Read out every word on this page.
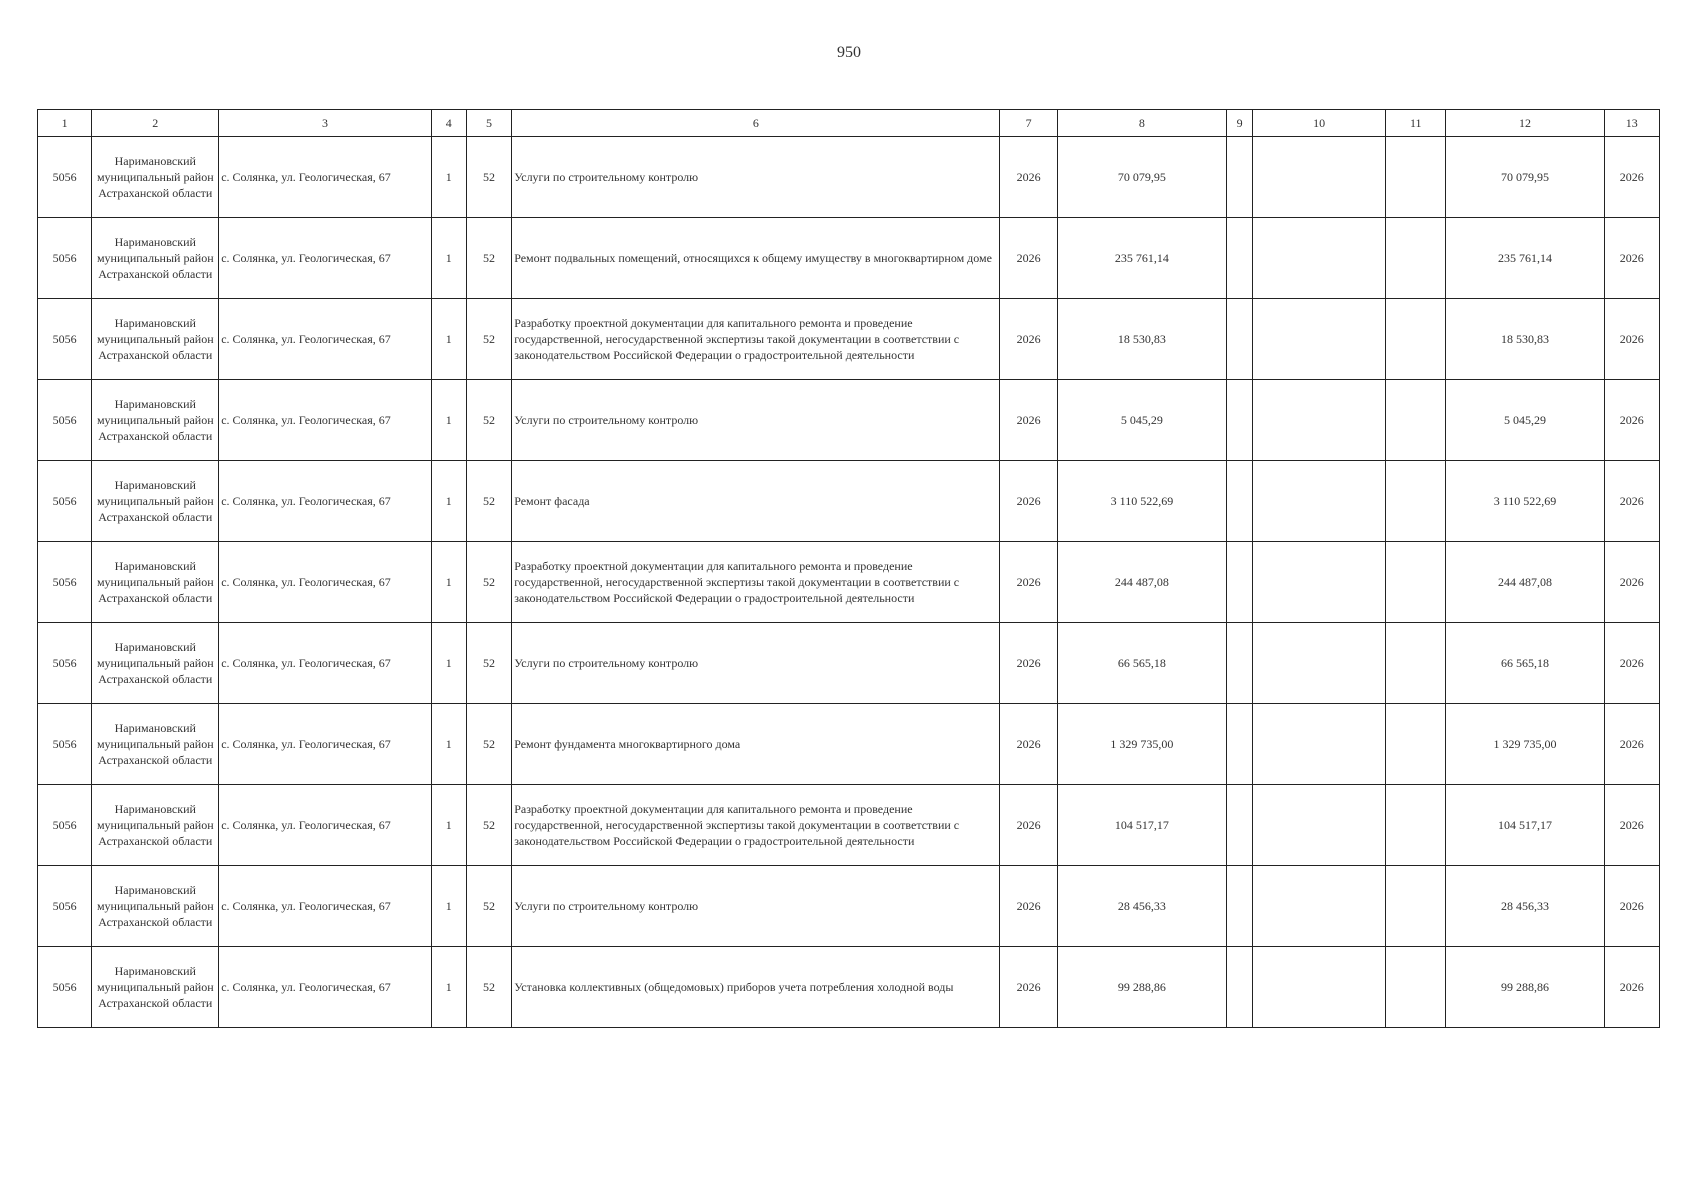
950
1	2	3	4	5	6	7	8	9	10	11	12	13
5056	Наримановский муниципальный район Астраханской области	с. Солянка, ул. Геологическая, 67	1	52	Услуги по строительному контролю	2026	70 079,95				70 079,95	2026
5056	Наримановский муниципальный район Астраханской области	с. Солянка, ул. Геологическая, 67	1	52	Ремонт подвальных помещений, относящихся к общему имуществу в многоквартирном доме	2026	235 761,14				235 761,14	2026
5056	Наримановский муниципальный район Астраханской области	с. Солянка, ул. Геологическая, 67	1	52	Разработку проектной документации для капитального ремонта и проведение государственной, негосударственной экспертизы такой документации в соответствии с законодательством Российской Федерации о градостроительной деятельности	2026	18 530,83				18 530,83	2026
5056	Наримановский муниципальный район Астраханской области	с. Солянка, ул. Геологическая, 67	1	52	Услуги по строительному контролю	2026	5 045,29				5 045,29	2026
5056	Наримановский муниципальный район Астраханской области	с. Солянка, ул. Геологическая, 67	1	52	Ремонт фасада	2026	3 110 522,69				3 110 522,69	2026
5056	Наримановский муниципальный район Астраханской области	с. Солянка, ул. Геологическая, 67	1	52	Разработку проектной документации для капитального ремонта и проведение государственной, негосударственной экспертизы такой документации в соответствии с законодательством Российской Федерации о градостроительной деятельности	2026	244 487,08				244 487,08	2026
5056	Наримановский муниципальный район Астраханской области	с. Солянка, ул. Геологическая, 67	1	52	Услуги по строительному контролю	2026	66 565,18				66 565,18	2026
5056	Наримановский муниципальный район Астраханской области	с. Солянка, ул. Геологическая, 67	1	52	Ремонт фундамента многоквартирного дома	2026	1 329 735,00				1 329 735,00	2026
5056	Наримановский муниципальный район Астраханской области	с. Солянка, ул. Геологическая, 67	1	52	Разработку проектной документации для капитального ремонта и проведение государственной, негосударственной экспертизы такой документации в соответствии с законодательством Российской Федерации о градостроительной деятельности	2026	104 517,17				104 517,17	2026
5056	Наримановский муниципальный район Астраханской области	с. Солянка, ул. Геологическая, 67	1	52	Услуги по строительному контролю	2026	28 456,33				28 456,33	2026
5056	Наримановский муниципальный район Астраханской области	с. Солянка, ул. Геологическая, 67	1	52	Установка коллективных (общедомовых) приборов учета потребления холодной воды	2026	99 288,86				99 288,86	2026
